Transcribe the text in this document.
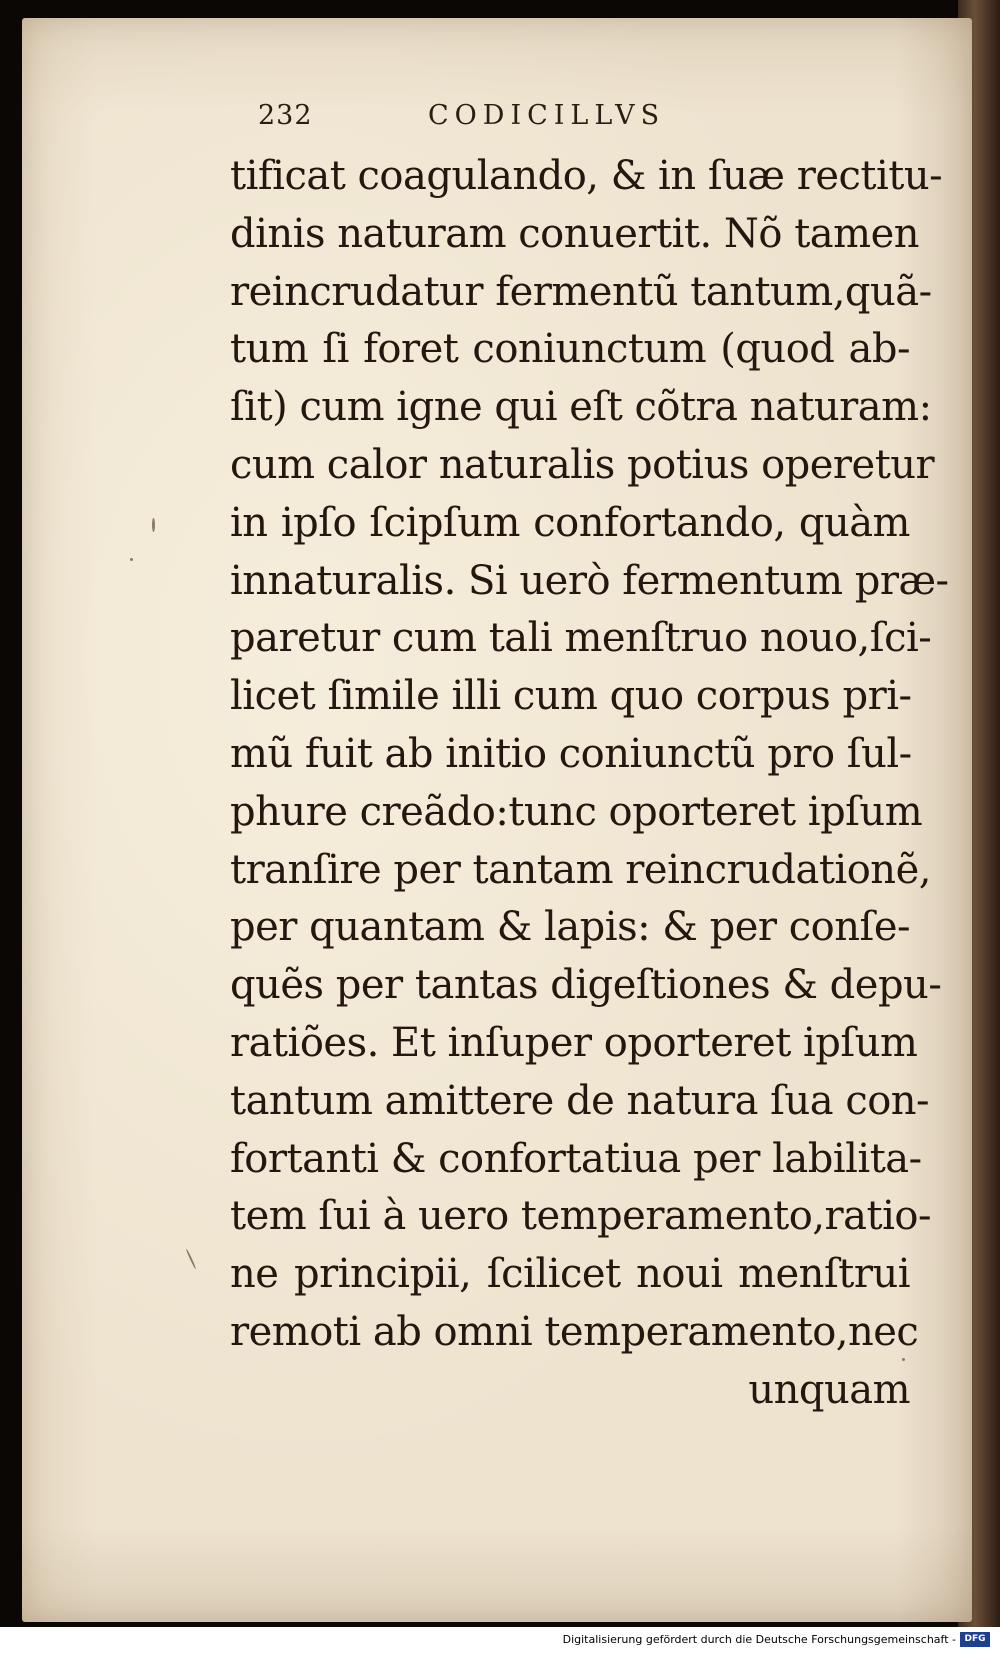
232	CODICILLVS
tificat coagulando, & in ſuæ rectitu-
dinis naturam conuertit. Nõ tamen
reincrudatur fermentũ tantum,quã-
tum ſi foret coniunctum (quod ab-
ſit) cum igne qui eſt cõtra naturam:
cum calor naturalis potius operetur
in ipſo ſcipſum confortando, quàm
innaturalis. Si uerò fermentum præ-
paretur cum tali menſtruo nouo,ſci-
licet ſimile illi cum quo corpus pri-
mũ fuit ab initio coniunctũ pro ſul-
phure creãdo:tunc oporteret ipſum
tranſire per tantam reincrudationẽ,
per quantam & lapis: & per conſe-
quẽs per tantas digeſtiones & depu-
ratiões. Et inſuper oporteret ipſum
tantum amittere de natura ſua con-
fortanti & confortatiua per labilita-
tem ſui à uero temperamento,ratio-
ne principii, ſcilicet noui menſtrui
remoti ab omni temperamento,nec
unquam
Digitalisierung gefördert durch die Deutsche Forschungsgemeinschaft - DFG
